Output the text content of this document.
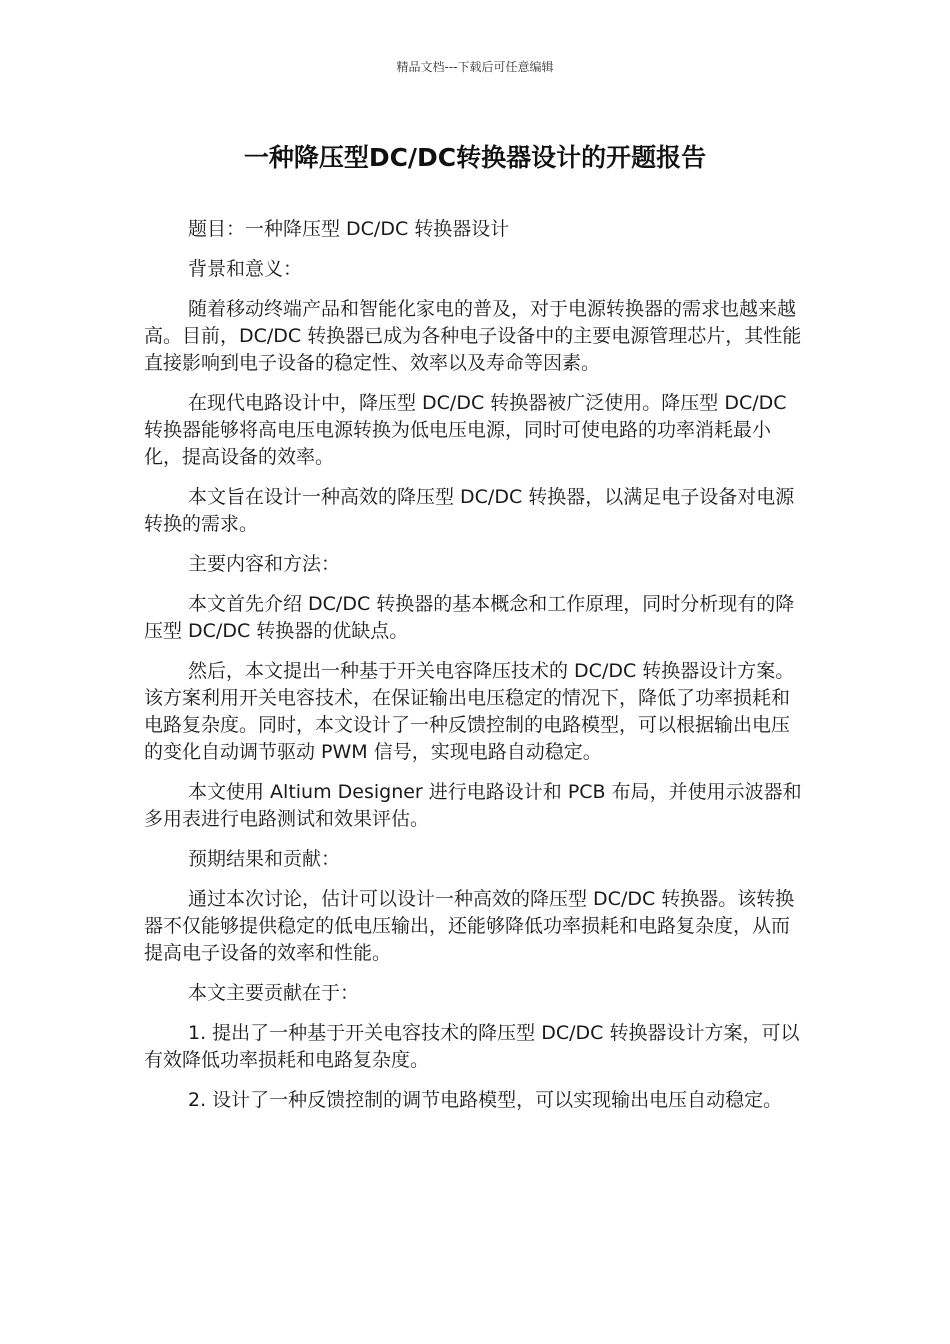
精品文档---下载后可任意编辑
一种降压型DC/DC转换器设计的开题报告

题目：一种降压型 DC/DC 转换器设计

背景和意义：

随着移动终端产品和智能化家电的普及，对于电源转换器的需求也越来越高。目前，DC/DC 转换器已成为各种电子设备中的主要电源管理芯片，其性能直接影响到电子设备的稳定性、效率以及寿命等因素。

在现代电路设计中，降压型 DC/DC 转换器被广泛使用。降压型 DC/DC 转换器能够将高电压电源转换为低电压电源，同时可使电路的功率消耗最小化，提高设备的效率。

本文旨在设计一种高效的降压型 DC/DC 转换器，以满足电子设备对电源转换的需求。

主要内容和方法：

本文首先介绍 DC/DC 转换器的基本概念和工作原理，同时分析现有的降压型 DC/DC 转换器的优缺点。

然后，本文提出一种基于开关电容降压技术的 DC/DC 转换器设计方案。该方案利用开关电容技术，在保证输出电压稳定的情况下，降低了功率损耗和电路复杂度。同时，本文设计了一种反馈控制的电路模型，可以根据输出电压的变化自动调节驱动 PWM 信号，实现电路自动稳定。

本文使用 Altium Designer 进行电路设计和 PCB 布局，并使用示波器和多用表进行电路测试和效果评估。

预期结果和贡献：

通过本次讨论，估计可以设计一种高效的降压型 DC/DC 转换器。该转换器不仅能够提供稳定的低电压输出，还能够降低功率损耗和电路复杂度，从而提高电子设备的效率和性能。

本文主要贡献在于：

1. 提出了一种基于开关电容技术的降压型 DC/DC 转换器设计方案，可以有效降低功率损耗和电路复杂度。

2. 设计了一种反馈控制的调节电路模型，可以实现输出电压自动稳定。
